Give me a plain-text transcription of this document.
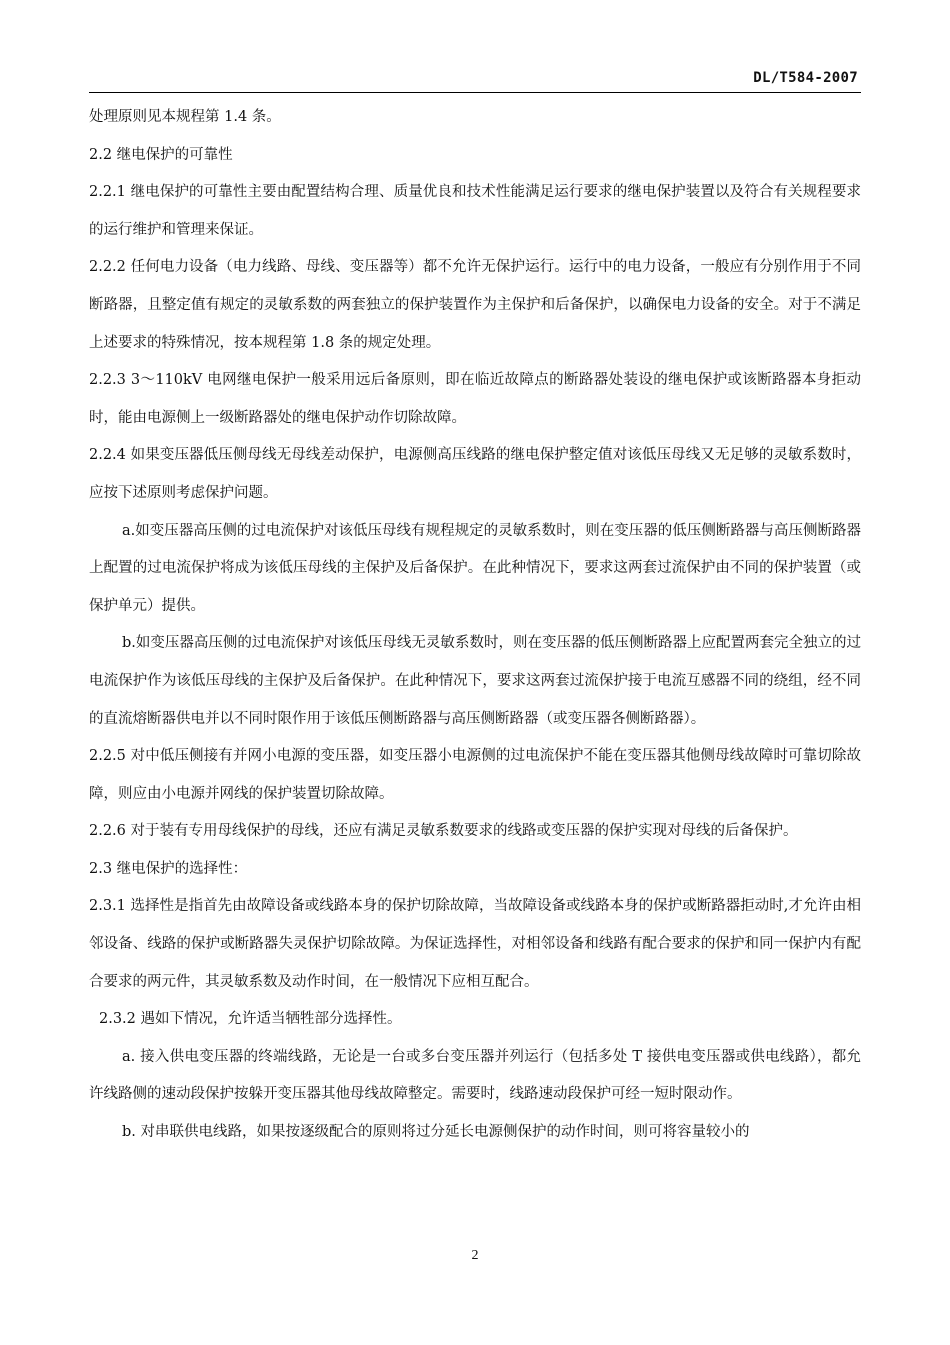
DL/T584-2007

处理原则见本规程第 1.4 条。

2.2 继电保护的可靠性

2.2.1 继电保护的可靠性主要由配置结构合理、质量优良和技术性能满足运行要求的继电保护装置以及符合有关规程要求的运行维护和管理来保证。

2.2.2 任何电力设备（电力线路、母线、变压器等）都不允许无保护运行。运行中的电力设备，一般应有分别作用于不同断路器，且整定值有规定的灵敏系数的两套独立的保护装置作为主保护和后备保护，以确保电力设备的安全。对于不满足上述要求的特殊情况，按本规程第 1.8 条的规定处理。

2.2.3 3～110kV 电网继电保护一般采用远后备原则，即在临近故障点的断路器处装设的继电保护或该断路器本身拒动时，能由电源侧上一级断路器处的继电保护动作切除故障。

2.2.4 如果变压器低压侧母线无母线差动保护，电源侧高压线路的继电保护整定值对该低压母线又无足够的灵敏系数时，应按下述原则考虑保护问题。

a.如变压器高压侧的过电流保护对该低压母线有规程规定的灵敏系数时，则在变压器的低压侧断路器与高压侧断路器上配置的过电流保护将成为该低压母线的主保护及后备保护。在此种情况下，要求这两套过流保护由不同的保护装置（或保护单元）提供。

b.如变压器高压侧的过电流保护对该低压母线无灵敏系数时，则在变压器的低压侧断路器上应配置两套完全独立的过电流保护作为该低压母线的主保护及后备保护。在此种情况下，要求这两套过流保护接于电流互感器不同的绕组，经不同的直流熔断器供电并以不同时限作用于该低压侧断路器与高压侧断路器（或变压器各侧断路器）。

2.2.5 对中低压侧接有并网小电源的变压器，如变压器小电源侧的过电流保护不能在变压器其他侧母线故障时可靠切除故障，则应由小电源并网线的保护装置切除故障。

2.2.6 对于装有专用母线保护的母线，还应有满足灵敏系数要求的线路或变压器的保护实现对母线的后备保护。

2.3 继电保护的选择性：

2.3.1 选择性是指首先由故障设备或线路本身的保护切除故障，当故障设备或线路本身的保护或断路器拒动时,才允许由相邻设备、线路的保护或断路器失灵保护切除故障。为保证选择性，对相邻设备和线路有配合要求的保护和同一保护内有配合要求的两元件，其灵敏系数及动作时间，在一般情况下应相互配合。

2.3.2 遇如下情况，允许适当牺牲部分选择性。

a. 接入供电变压器的终端线路，无论是一台或多台变压器并列运行（包括多处 T 接供电变压器或供电线路），都允许线路侧的速动段保护按躲开变压器其他母线故障整定。需要时，线路速动段保护可经一短时限动作。

b. 对串联供电线路，如果按逐级配合的原则将过分延长电源侧保护的动作时间，则可将容量较小的

2
